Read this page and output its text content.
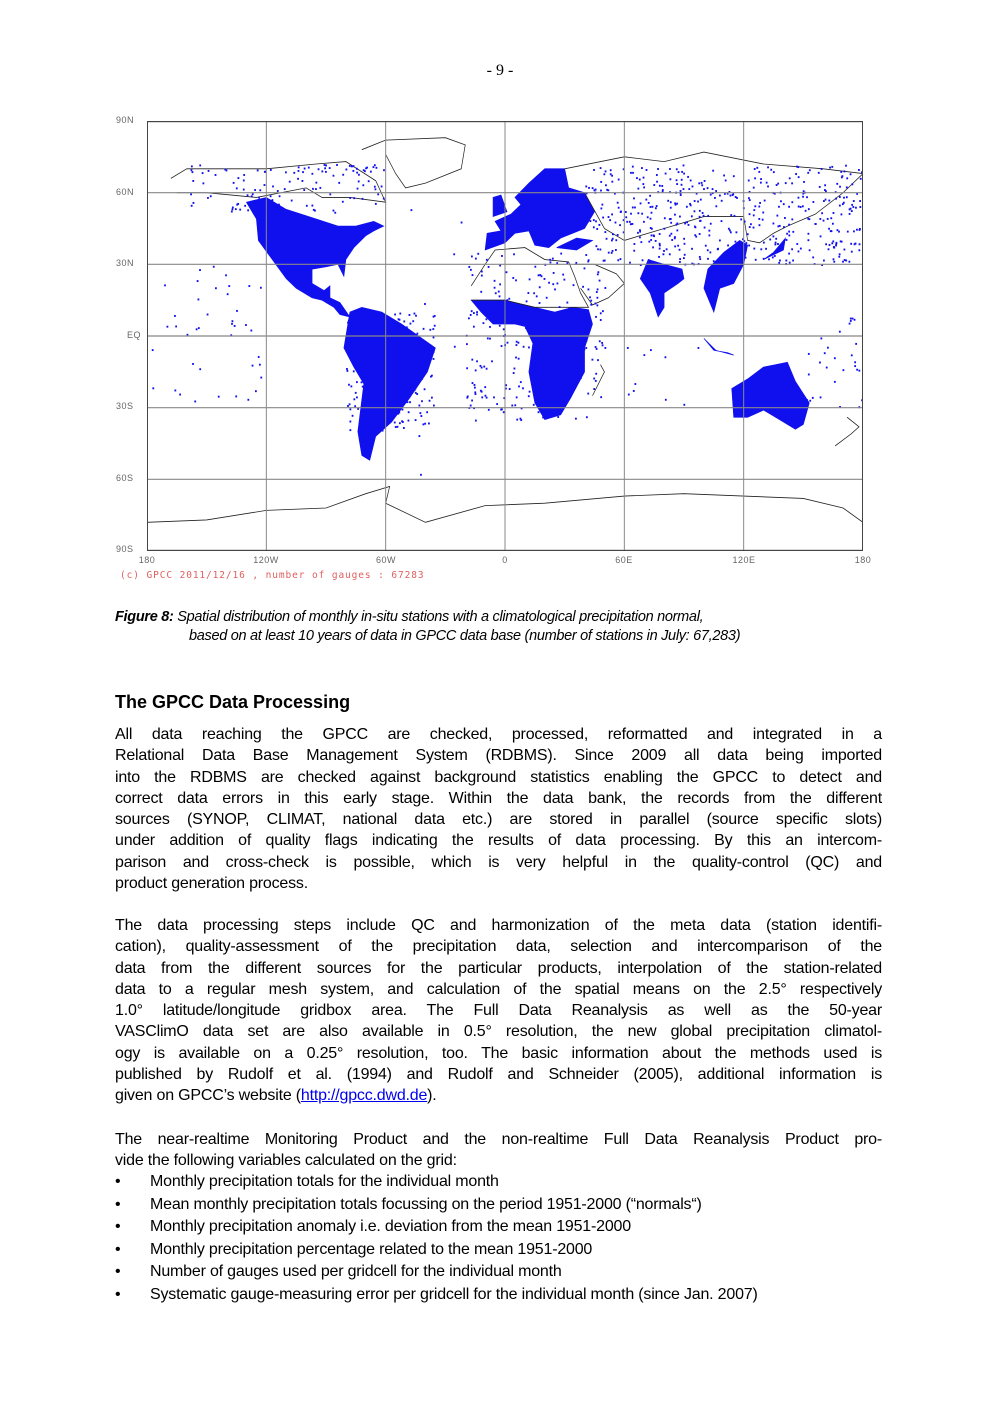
- 9 -
90N
60N
30N
EQ
30S
60S
90S
180	120W	60W	0	60E	120E	180
(c) GPCC 2011/12/16 , number of gauges : 67283
Figure 8: Spatial distribution of monthly in-situ stations with a climatological precipitation normal,
based on at least 10 years of data in GPCC data base (number of stations in July: 67,283)
The GPCC Data Processing
All data reaching the GPCC are checked, processed, reformatted and integrated in a
Relational Data Base Management System (RDBMS). Since 2009 all data being imported
into the RDBMS are checked against background statistics enabling the GPCC to detect and
correct data errors in this early stage. Within the data bank, the records from the different
sources (SYNOP, CLIMAT, national data etc.) are stored in parallel (source specific slots)
under addition of quality flags indicating the results of data processing. By this an intercom-
parison and cross-check is possible, which is very helpful in the quality-control (QC) and
product generation process.
The data processing steps include QC and harmonization of the meta data (station identifi-
cation), quality-assessment of the precipitation data, selection and intercomparison of the
data from the different sources for the particular products, interpolation of the station-related
data to a regular mesh system, and calculation of the spatial means on the 2.5° respectively
1.0° latitude/longitude gridbox area. The Full Data Reanalysis as well as the 50-year
VASClimO data set are also available in 0.5° resolution, the new global precipitation climatol-
ogy is available on a 0.25° resolution, too. The basic information about the methods used is
published by Rudolf et al. (1994) and Rudolf and Schneider (2005), additional information is
given on GPCC’s website (http://gpcc.dwd.de).
The near-realtime Monitoring Product and the non-realtime Full Data Reanalysis Product pro-
vide the following variables calculated on the grid:
•	Monthly precipitation totals for the individual month
•	Mean monthly precipitation totals focussing on the period 1951-2000 (“normals“)
•	Monthly precipitation anomaly i.e. deviation from the mean 1951-2000
•	Monthly precipitation percentage related to the mean 1951-2000
•	Number of gauges used per gridcell for the individual month
•	Systematic gauge-measuring error per gridcell for the individual month (since Jan. 2007)
